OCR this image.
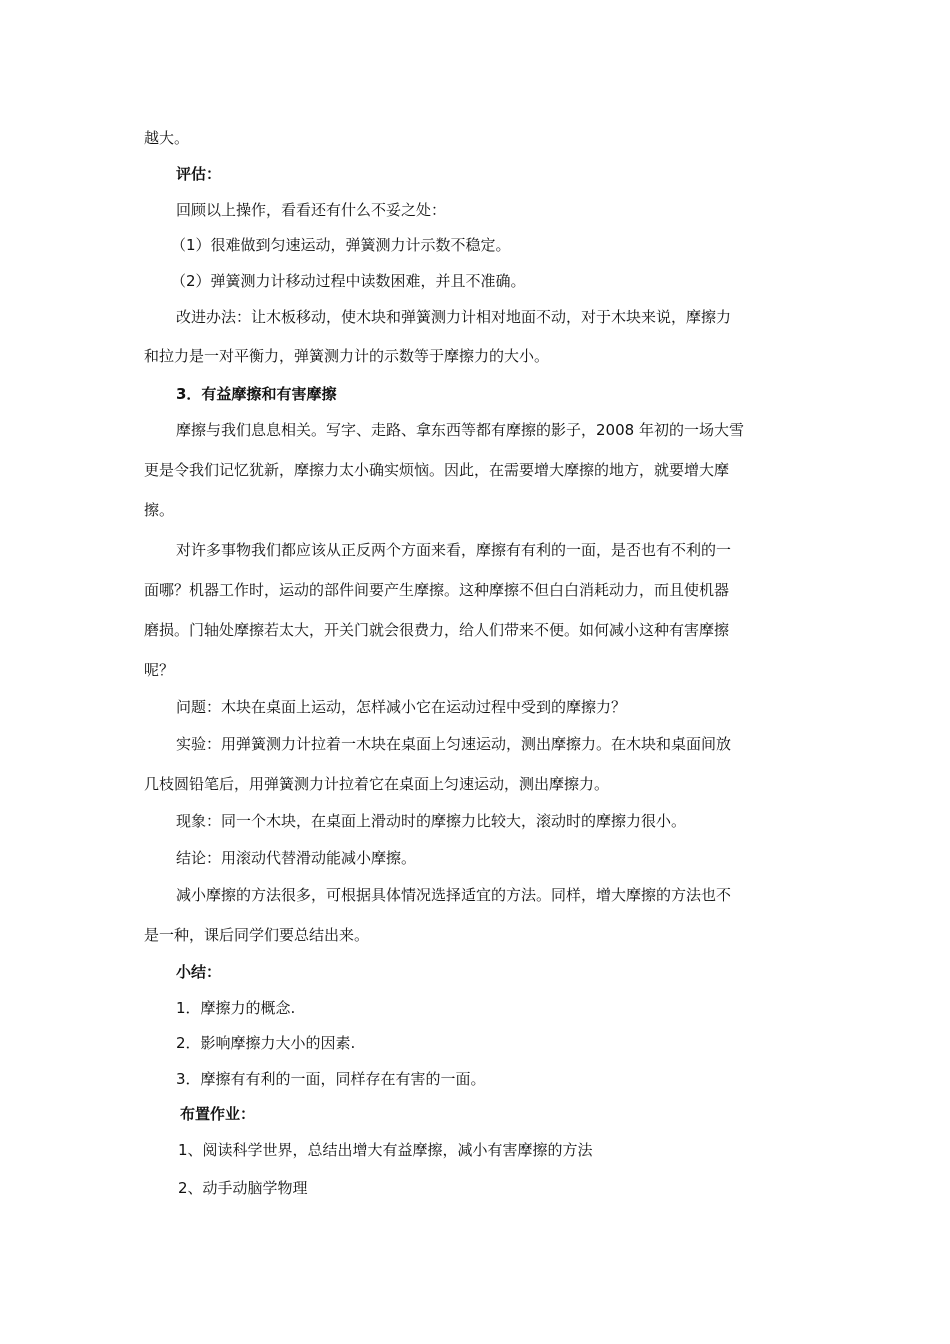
越大。
评估：
回顾以上操作，看看还有什么不妥之处：
（1）很难做到匀速运动，弹簧测力计示数不稳定。
（2）弹簧测力计移动过程中读数困难，并且不准确。
改进办法：让木板移动，使木块和弹簧测力计相对地面不动，对于木块来说，摩擦力
和拉力是一对平衡力，弹簧测力计的示数等于摩擦力的大小。
3．有益摩擦和有害摩擦
摩擦与我们息息相关。写字、走路、拿东西等都有摩擦的影子，2008 年初的一场大雪
更是令我们记忆犹新，摩擦力太小确实烦恼。因此，在需要增大摩擦的地方，就要增大摩
擦。
对许多事物我们都应该从正反两个方面来看，摩擦有有利的一面，是否也有不利的一
面哪？机器工作时，运动的部件间要产生摩擦。这种摩擦不但白白消耗动力，而且使机器
磨损。门轴处摩擦若太大，开关门就会很费力，给人们带来不便。如何减小这种有害摩擦
呢？
问题：木块在桌面上运动，怎样减小它在运动过程中受到的摩擦力？
实验：用弹簧测力计拉着一木块在桌面上匀速运动，测出摩擦力。在木块和桌面间放
几枝圆铅笔后，用弹簧测力计拉着它在桌面上匀速运动，测出摩擦力。
现象：同一个木块，在桌面上滑动时的摩擦力比较大，滚动时的摩擦力很小。
结论：用滚动代替滑动能减小摩擦。
减小摩擦的方法很多，可根据具体情况选择适宜的方法。同样，增大摩擦的方法也不
是一种，课后同学们要总结出来。
小结：
1．摩擦力的概念.
2．影响摩擦力大小的因素.
3．摩擦有有利的一面，同样存在有害的一面。
布置作业：
1、阅读科学世界，总结出增大有益摩擦，减小有害摩擦的方法
2、动手动脑学物理
